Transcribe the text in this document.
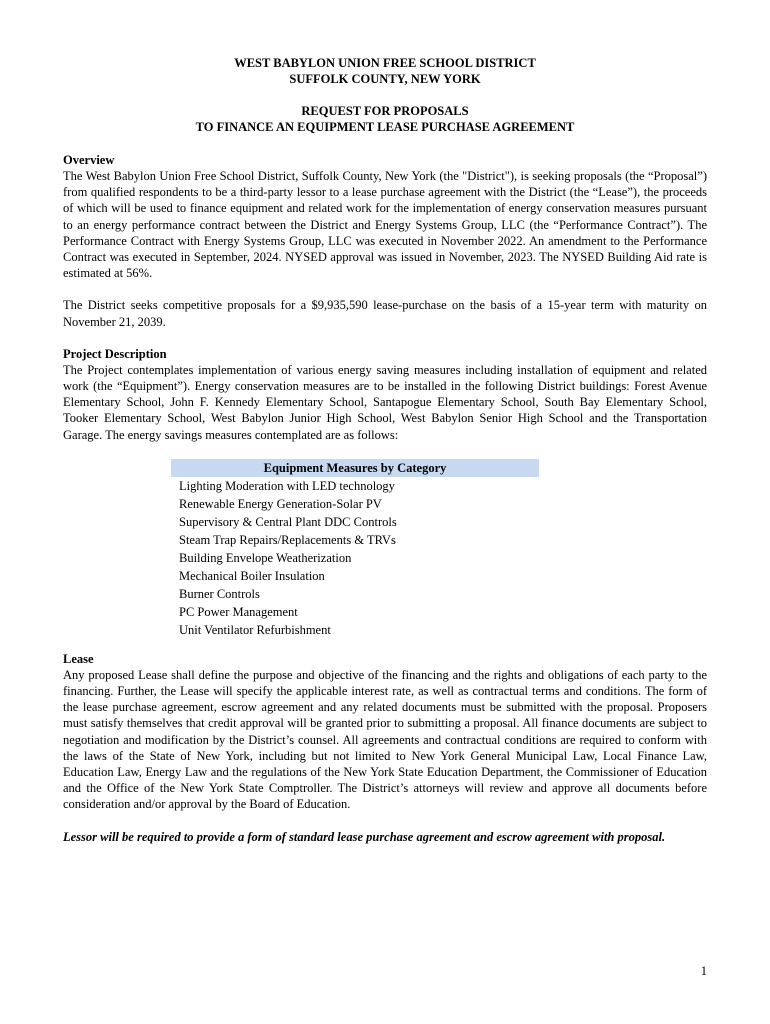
WEST BABYLON UNION FREE SCHOOL DISTRICT
SUFFOLK COUNTY, NEW YORK
REQUEST FOR PROPOSALS
TO FINANCE AN EQUIPMENT LEASE PURCHASE AGREEMENT
Overview

The West Babylon Union Free School District, Suffolk County, New York (the "District"), is seeking proposals (the “Proposal”) from qualified respondents to be a third-party lessor to a lease purchase agreement with the District (the “Lease”), the proceeds of which will be used to finance equipment and related work for the implementation of energy conservation measures pursuant to an energy performance contract between the District and Energy Systems Group, LLC (the “Performance Contract”). The Performance Contract with Energy Systems Group, LLC was executed in November 2022. An amendment to the Performance Contract was executed in September, 2024. NYSED approval was issued in November, 2023. The NYSED Building Aid rate is estimated at 56%.

The District seeks competitive proposals for a $9,935,590 lease-purchase on the basis of a 15-year term with maturity on November 21, 2039.

Project Description

The Project contemplates implementation of various energy saving measures including installation of equipment and related work (the “Equipment”). Energy conservation measures are to be installed in the following District buildings: Forest Avenue Elementary School, John F. Kennedy Elementary School, Santapogue Elementary School, South Bay Elementary School, Tooker Elementary School, West Babylon Junior High School, West Babylon Senior High School and the Transportation Garage. The energy savings measures contemplated are as follows:

Equipment Measures by Category
Lighting Moderation with LED technology
Renewable Energy Generation-Solar PV
Supervisory & Central Plant DDC Controls
Steam Trap Repairs/Replacements & TRVs
Building Envelope Weatherization
Mechanical Boiler Insulation
Burner Controls
PC Power Management
Unit Ventilator Refurbishment
Lease

Any proposed Lease shall define the purpose and objective of the financing and the rights and obligations of each party to the financing. Further, the Lease will specify the applicable interest rate, as well as contractual terms and conditions. The form of the lease purchase agreement, escrow agreement and any related documents must be submitted with the proposal. Proposers must satisfy themselves that credit approval will be granted prior to submitting a proposal. All finance documents are subject to negotiation and modification by the District’s counsel. All agreements and contractual conditions are required to conform with the laws of the State of New York, including but not limited to New York General Municipal Law, Local Finance Law, Education Law, Energy Law and the regulations of the New York State Education Department, the Commissioner of Education and the Office of the New York State Comptroller. The District’s attorneys will review and approve all documents before consideration and/or approval by the Board of Education.

Lessor will be required to provide a form of standard lease purchase agreement and escrow agreement with proposal.
1
